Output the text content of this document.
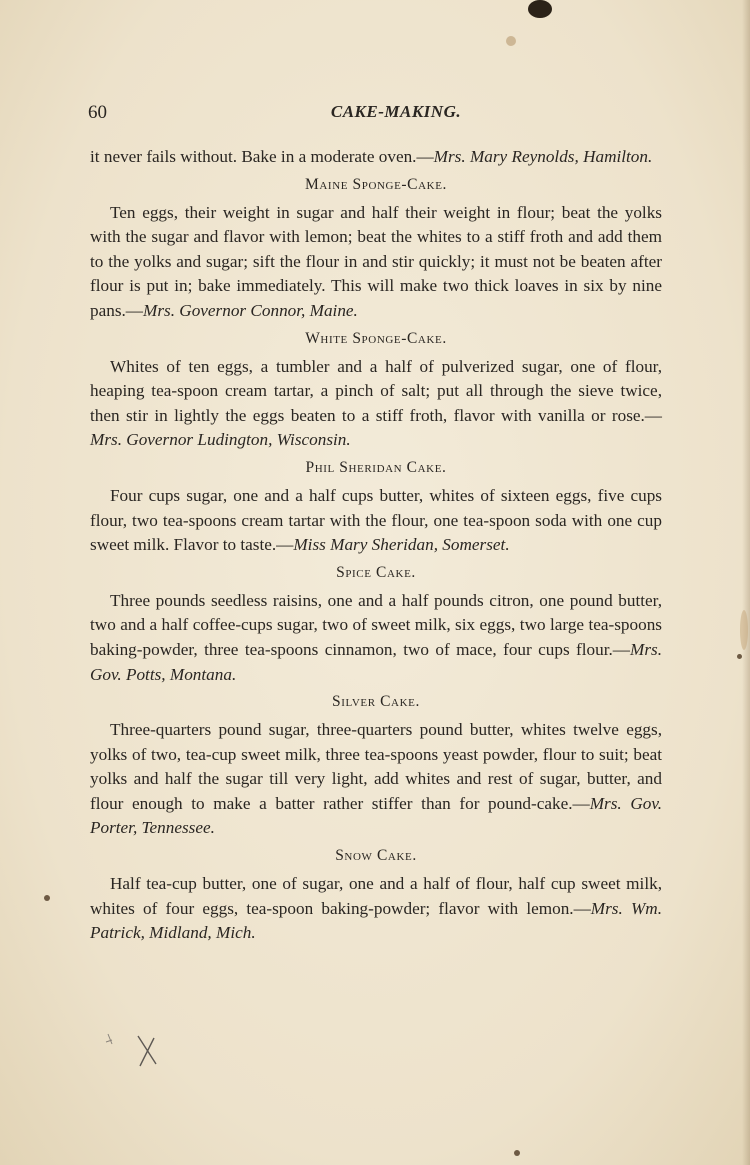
60	CAKE-MAKING.

it never fails without. Bake in a moderate oven.—Mrs. Mary Reynolds, Hamilton.

Maine Sponge-Cake.

Ten eggs, their weight in sugar and half their weight in flour; beat the yolks with the sugar and flavor with lemon; beat the whites to a stiff froth and add them to the yolks and sugar; sift the flour in and stir quickly; it must not be beaten after flour is put in; bake immediately. This will make two thick loaves in six by nine pans.—Mrs. Governor Connor, Maine.

White Sponge-Cake.

Whites of ten eggs, a tumbler and a half of pulverized sugar, one of flour, heaping tea-spoon cream tartar, a pinch of salt; put all through the sieve twice, then stir in lightly the eggs beaten to a stiff froth, flavor with vanilla or rose.—Mrs. Governor Ludington, Wisconsin.

Phil Sheridan Cake.

Four cups sugar, one and a half cups butter, whites of sixteen eggs, five cups flour, two tea-spoons cream tartar with the flour, one tea-spoon soda with one cup sweet milk. Flavor to taste.—Miss Mary Sheridan, Somerset.

Spice Cake.

Three pounds seedless raisins, one and a half pounds citron, one pound butter, two and a half coffee-cups sugar, two of sweet milk, six eggs, two large tea-spoons baking-powder, three tea-spoons cinnamon, two of mace, four cups flour.—Mrs. Gov. Potts, Montana.

Silver Cake.

Three-quarters pound sugar, three-quarters pound butter, whites twelve eggs, yolks of two, tea-cup sweet milk, three tea-spoons yeast powder, flour to suit; beat yolks and half the sugar till very light, add whites and rest of sugar, butter, and flour enough to make a batter rather stiffer than for pound-cake.—Mrs. Gov. Porter, Tennessee.

Snow Cake.

Half tea-cup butter, one of sugar, one and a half of flour, half cup sweet milk, whites of four eggs, tea-spoon baking-powder; flavor with lemon.—Mrs. Wm. Patrick, Midland, Mich.
